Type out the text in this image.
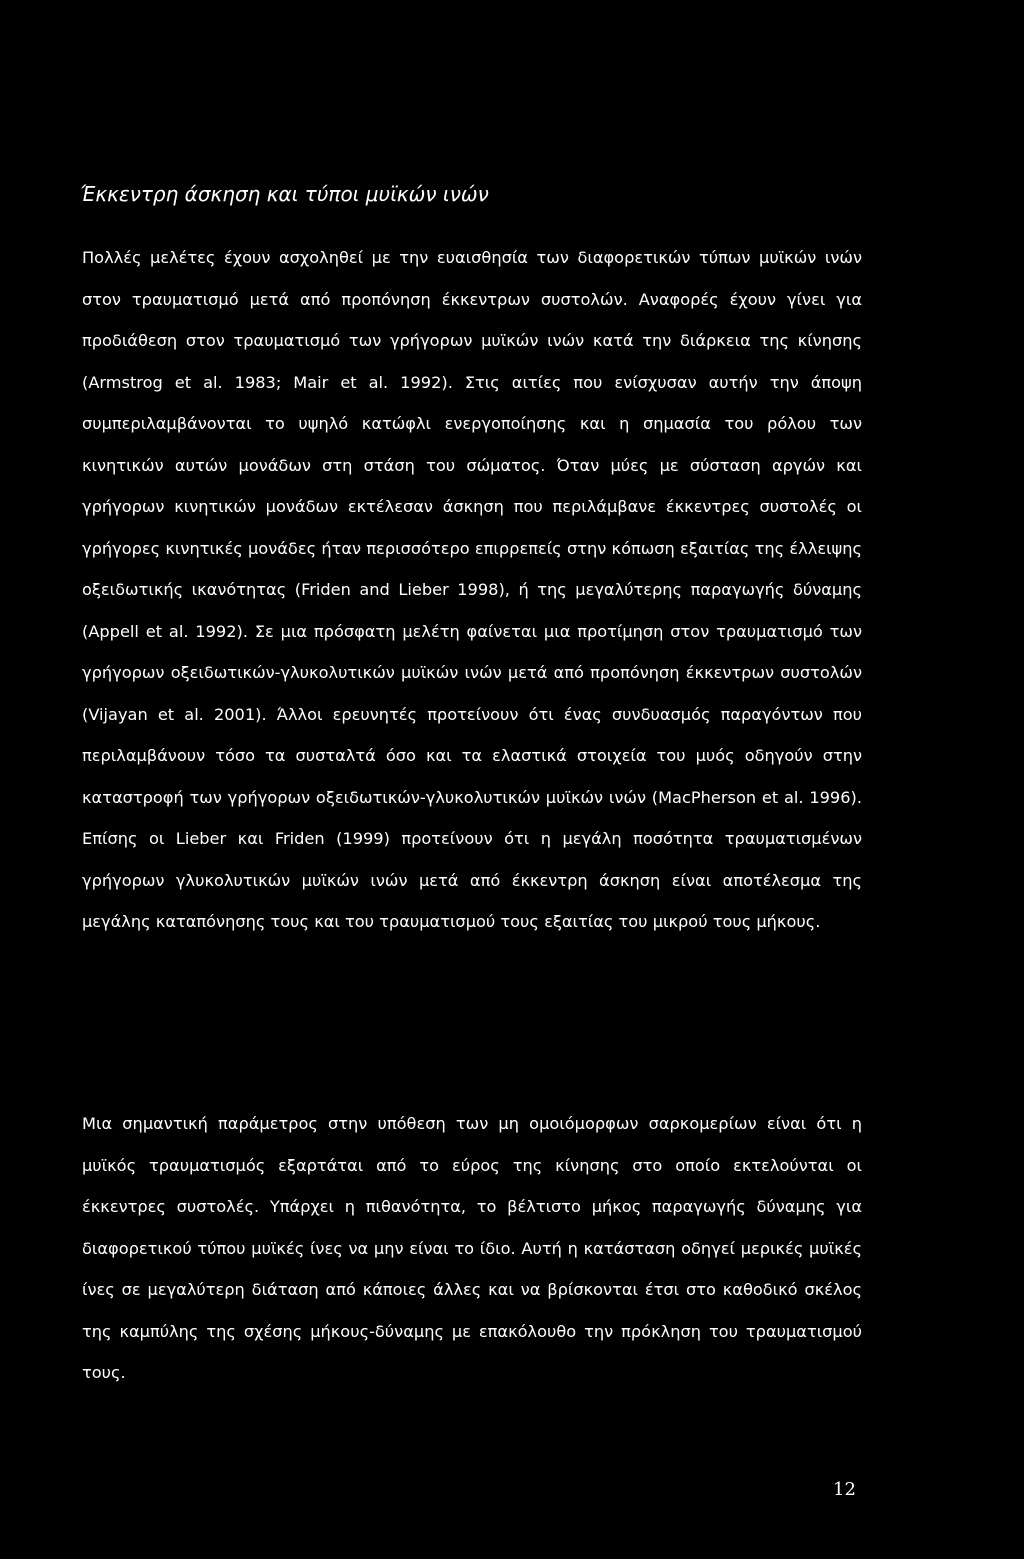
Έκκεντρη άσκηση και τύποι μυϊκών ινών

Πολλές μελέτες έχουν ασχοληθεί με την ευαισθησία των διαφορετικών τύπων μυϊκών ινών στον τραυματισμό μετά από προπόνηση έκκεντρων συστολών. Αναφορές έχουν γίνει για προδιάθεση στον τραυματισμό των γρήγορων μυϊκών ινών κατά την διάρκεια της κίνησης (Armstrog et al. 1983; Mair et al. 1992). Στις αιτίες που ενίσχυσαν αυτήν την άποψη συμπεριλαμβάνονται το υψηλό κατώφλι ενεργοποίησης και η σημασία του ρόλου των κινητικών αυτών μονάδων στη στάση του σώματος. Όταν μύες με σύσταση αργών και γρήγορων κινητικών μονάδων εκτέλεσαν άσκηση που περιλάμβανε έκκεντρες συστολές οι γρήγορες κινητικές μονάδες ήταν περισσότερο επιρρεπείς στην κόπωση εξαιτίας της έλλειψης οξειδωτικής ικανότητας (Friden and Lieber 1998), ή της μεγαλύτερης παραγωγής δύναμης (Appell et al. 1992). Σε μια πρόσφατη μελέτη φαίνεται μια προτίμηση στον τραυματισμό των γρήγορων οξειδωτικών-γλυκολυτικών μυϊκών ινών μετά από προπόνηση έκκεντρων συστολών (Vijayan et al. 2001). Άλλοι ερευνητές προτείνουν ότι ένας συνδυασμός παραγόντων που περιλαμβάνουν τόσο τα συσταλτά όσο και τα ελαστικά στοιχεία του μυός οδηγούν στην καταστροφή των γρήγορων οξειδωτικών-γλυκολυτικών μυϊκών ινών (MacPherson et al. 1996). Επίσης οι Lieber και Friden (1999) προτείνουν ότι η μεγάλη ποσότητα τραυματισμένων γρήγορων γλυκολυτικών μυϊκών ινών μετά από έκκεντρη άσκηση είναι αποτέλεσμα της μεγάλης καταπόνησης τους και του τραυματισμού τους εξαιτίας του μικρού τους μήκους.

Μια σημαντική παράμετρος στην υπόθεση των μη ομοιόμορφων σαρκομερίων είναι ότι η μυϊκός τραυματισμός εξαρτάται από το εύρος της κίνησης στο οποίο εκτελούνται οι έκκεντρες συστολές. Υπάρχει η πιθανότητα, το βέλτιστο μήκος παραγωγής δύναμης για διαφορετικού τύπου μυϊκές ίνες να μην είναι το ίδιο. Αυτή η κατάσταση οδηγεί μερικές μυϊκές ίνες σε μεγαλύτερη διάταση από κάποιες άλλες και να βρίσκονται έτσι στο καθοδικό σκέλος της καμπύλης της σχέσης μήκους-δύναμης με επακόλουθο την πρόκληση του τραυματισμού τους.

12
